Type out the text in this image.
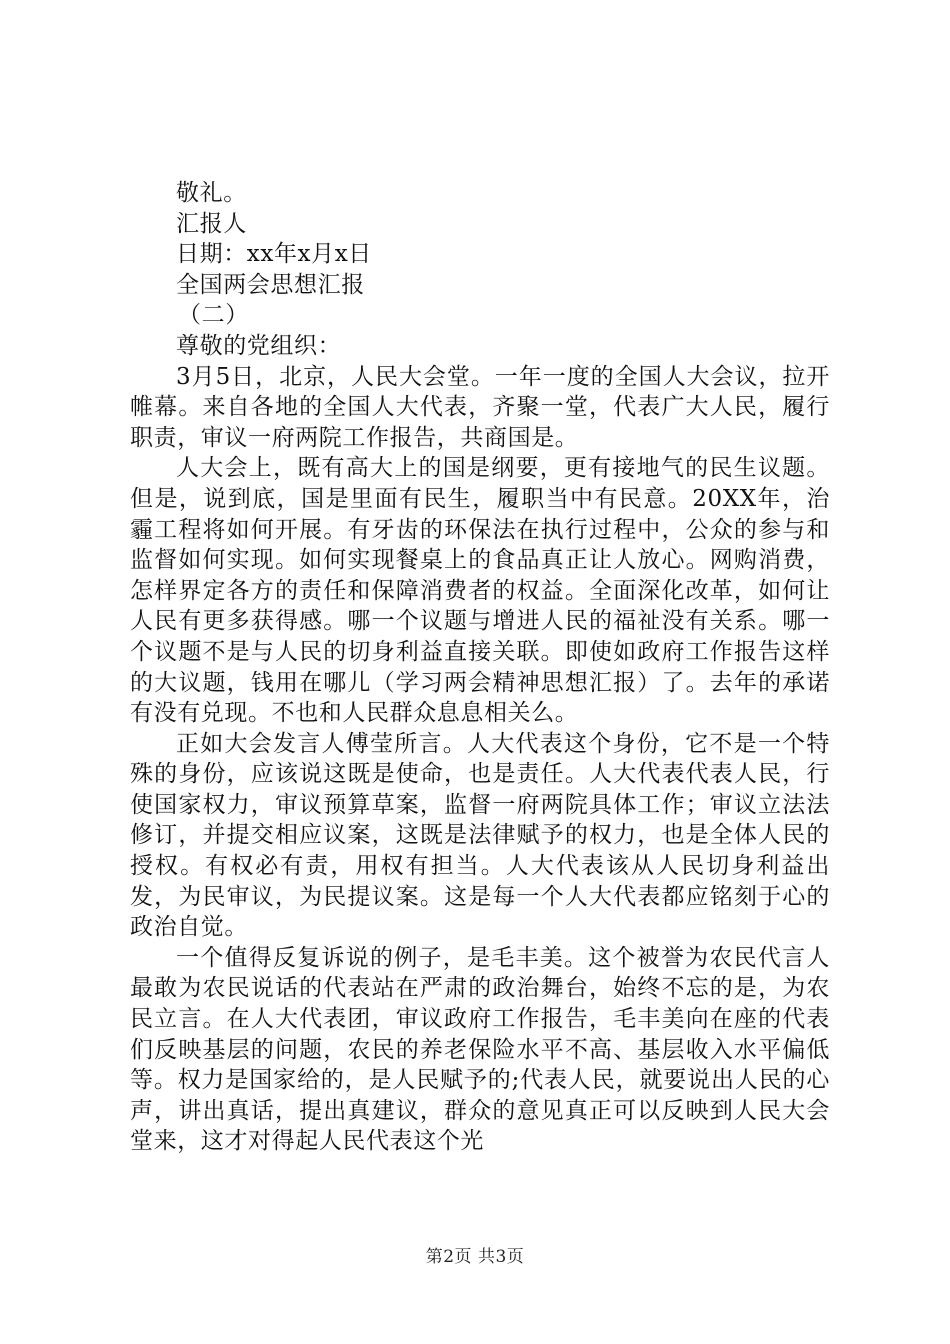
敬礼。
汇报人
日期：xx年x月x日
全国两会思想汇报
（二）
尊敬的党组织：

3月5日，北京，人民大会堂。一年一度的全国人大会议，拉开帷幕。来自各地的全国人大代表，齐聚一堂，代表广大人民，履行职责，审议一府两院工作报告，共商国是。

人大会上，既有高大上的国是纲要，更有接地气的民生议题。但是，说到底，国是里面有民生，履职当中有民意。20XX年，治霾工程将如何开展。有牙齿的环保法在执行过程中，公众的参与和监督如何实现。如何实现餐桌上的食品真正让人放心。网购消费，怎样界定各方的责任和保障消费者的权益。全面深化改革，如何让人民有更多获得感。哪一个议题与增进人民的福祉没有关系。哪一个议题不是与人民的切身利益直接关联。即使如政府工作报告这样的大议题，钱用在哪儿（学习两会精神思想汇报）了。去年的承诺有没有兑现。不也和人民群众息息相关么。

正如大会发言人傅莹所言。人大代表这个身份，它不是一个特殊的身份，应该说这既是使命，也是责任。人大代表代表人民，行使国家权力，审议预算草案，监督一府两院具体工作；审议立法法修订，并提交相应议案，这既是法律赋予的权力，也是全体人民的授权。有权必有责，用权有担当。人大代表该从人民切身利益出发，为民审议，为民提议案。这是每一个人大代表都应铭刻于心的政治自觉。

一个值得反复诉说的例子，是毛丰美。这个被誉为农民代言人最敢为农民说话的代表站在严肃的政治舞台，始终不忘的是，为农民立言。在人大代表团，审议政府工作报告，毛丰美向在座的代表们反映基层的问题，农民的养老保险水平不高、基层收入水平偏低等。权力是国家给的，是人民赋予的;代表人民，就要说出人民的心声，讲出真话，提出真建议，群众的意见真正可以反映到人民大会堂来，这才对得起人民代表这个光

第2页 共3页
